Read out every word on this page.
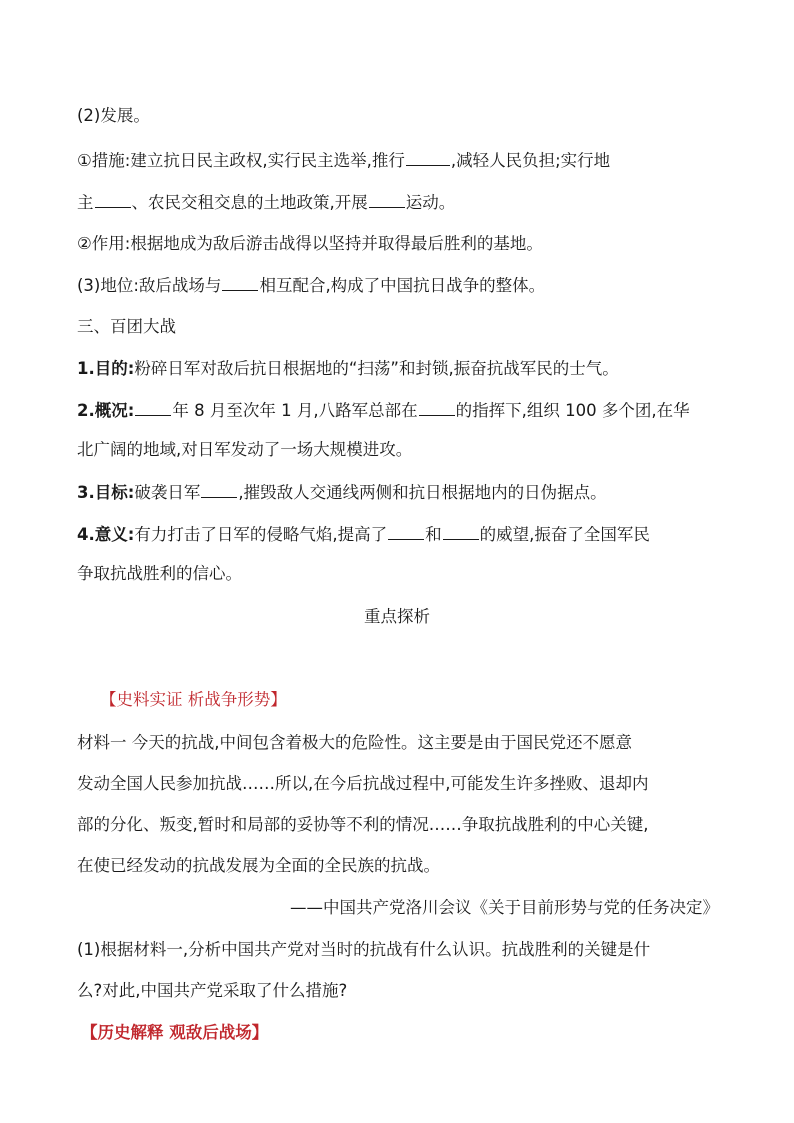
(2)发展。
①措施:建立抗日民主政权,实行民主选举,推行	,减轻人民负担;实行地
主 、农民交租交息的土地政策,开展 运动。
②作用:根据地成为敌后游击战得以坚持并取得最后胜利的基地。
(3)地位:敌后战场与 相互配合,构成了中国抗日战争的整体。
三、百团大战
1.目的:粉碎日军对敌后抗日根据地的“扫荡”和封锁,振奋抗战军民的士气。
2.概况: 年 8 月至次年 1 月,八路军总部在 的指挥下,组织 100 多个团,在华
北广阔的地域,对日军发动了一场大规模进攻。
3.目标:破袭日军 ,摧毁敌人交通线两侧和抗日根据地内的日伪据点。
4.意义:有力打击了日军的侵略气焰,提高了 和 的威望,振奋了全国军民
争取抗战胜利的信心。
重点探析
【史料实证 析战争形势】
材料一 今天的抗战,中间包含着极大的危险性。这主要是由于国民党还不愿意
发动全国人民参加抗战……所以,在今后抗战过程中,可能发生许多挫败、退却内
部的分化、叛变,暂时和局部的妥协等不利的情况……争取抗战胜利的中心关键,
在使已经发动的抗战发展为全面的全民族的抗战。
——中国共产党洛川会议《关于目前形势与党的任务决定》
(1)根据材料一,分析中国共产党对当时的抗战有什么认识。抗战胜利的关键是什
么?对此,中国共产党采取了什么措施?
【历史解释 观敌后战场】
